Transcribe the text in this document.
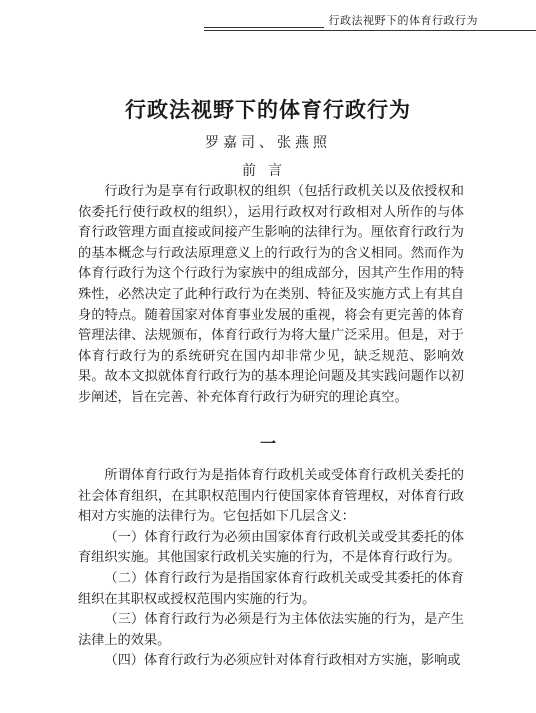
行政法视野下的体育行政行为
行政法视野下的体育行政行为
罗嘉司、张燕照
前言

行政行为是享有行政职权的组织（包括行政机关以及依授权和依委托行使行政权的组织），运用行政权对行政相对人所作的与体育行政管理方面直接或间接产生影响的法律行为。厘依育行政行为的基本概念与行政法原理意义上的行政行为的含义相同。然而作为体育行政行为这个行政行为家族中的组成部分，因其产生作用的特殊性，必然决定了此种行政行为在类别、特征及实施方式上有其自身的特点。随着国家对体育事业发展的重视，将会有更完善的体育管理法律、法规颁布，体育行政行为将大量广泛采用。但是，对于体育行政行为的系统研究在国内却非常少见，缺乏规范、影响效果。故本文拟就体育行政行为的基本理论问题及其实践问题作以初步阐述，旨在完善、补充体育行政行为研究的理论真空。

一

所谓体育行政行为是指体育行政机关或受体育行政机关委托的社会体育组织，在其职权范围内行使国家体育管理权，对体育行政相对方实施的法律行为。它包括如下几层含义：

（一）体育行政行为必须由国家体育行政机关或受其委托的体育组织实施。其他国家行政机关实施的行为，不是体育行政行为。

（二）体育行政行为是指国家体育行政机关或受其委托的体育组织在其职权或授权范围内实施的行为。

（三）体育行政行为必须是行为主体依法实施的行为，是产生法律上的效果。

（四）体育行政行为必须应针对体育行政相对方实施，影响或
